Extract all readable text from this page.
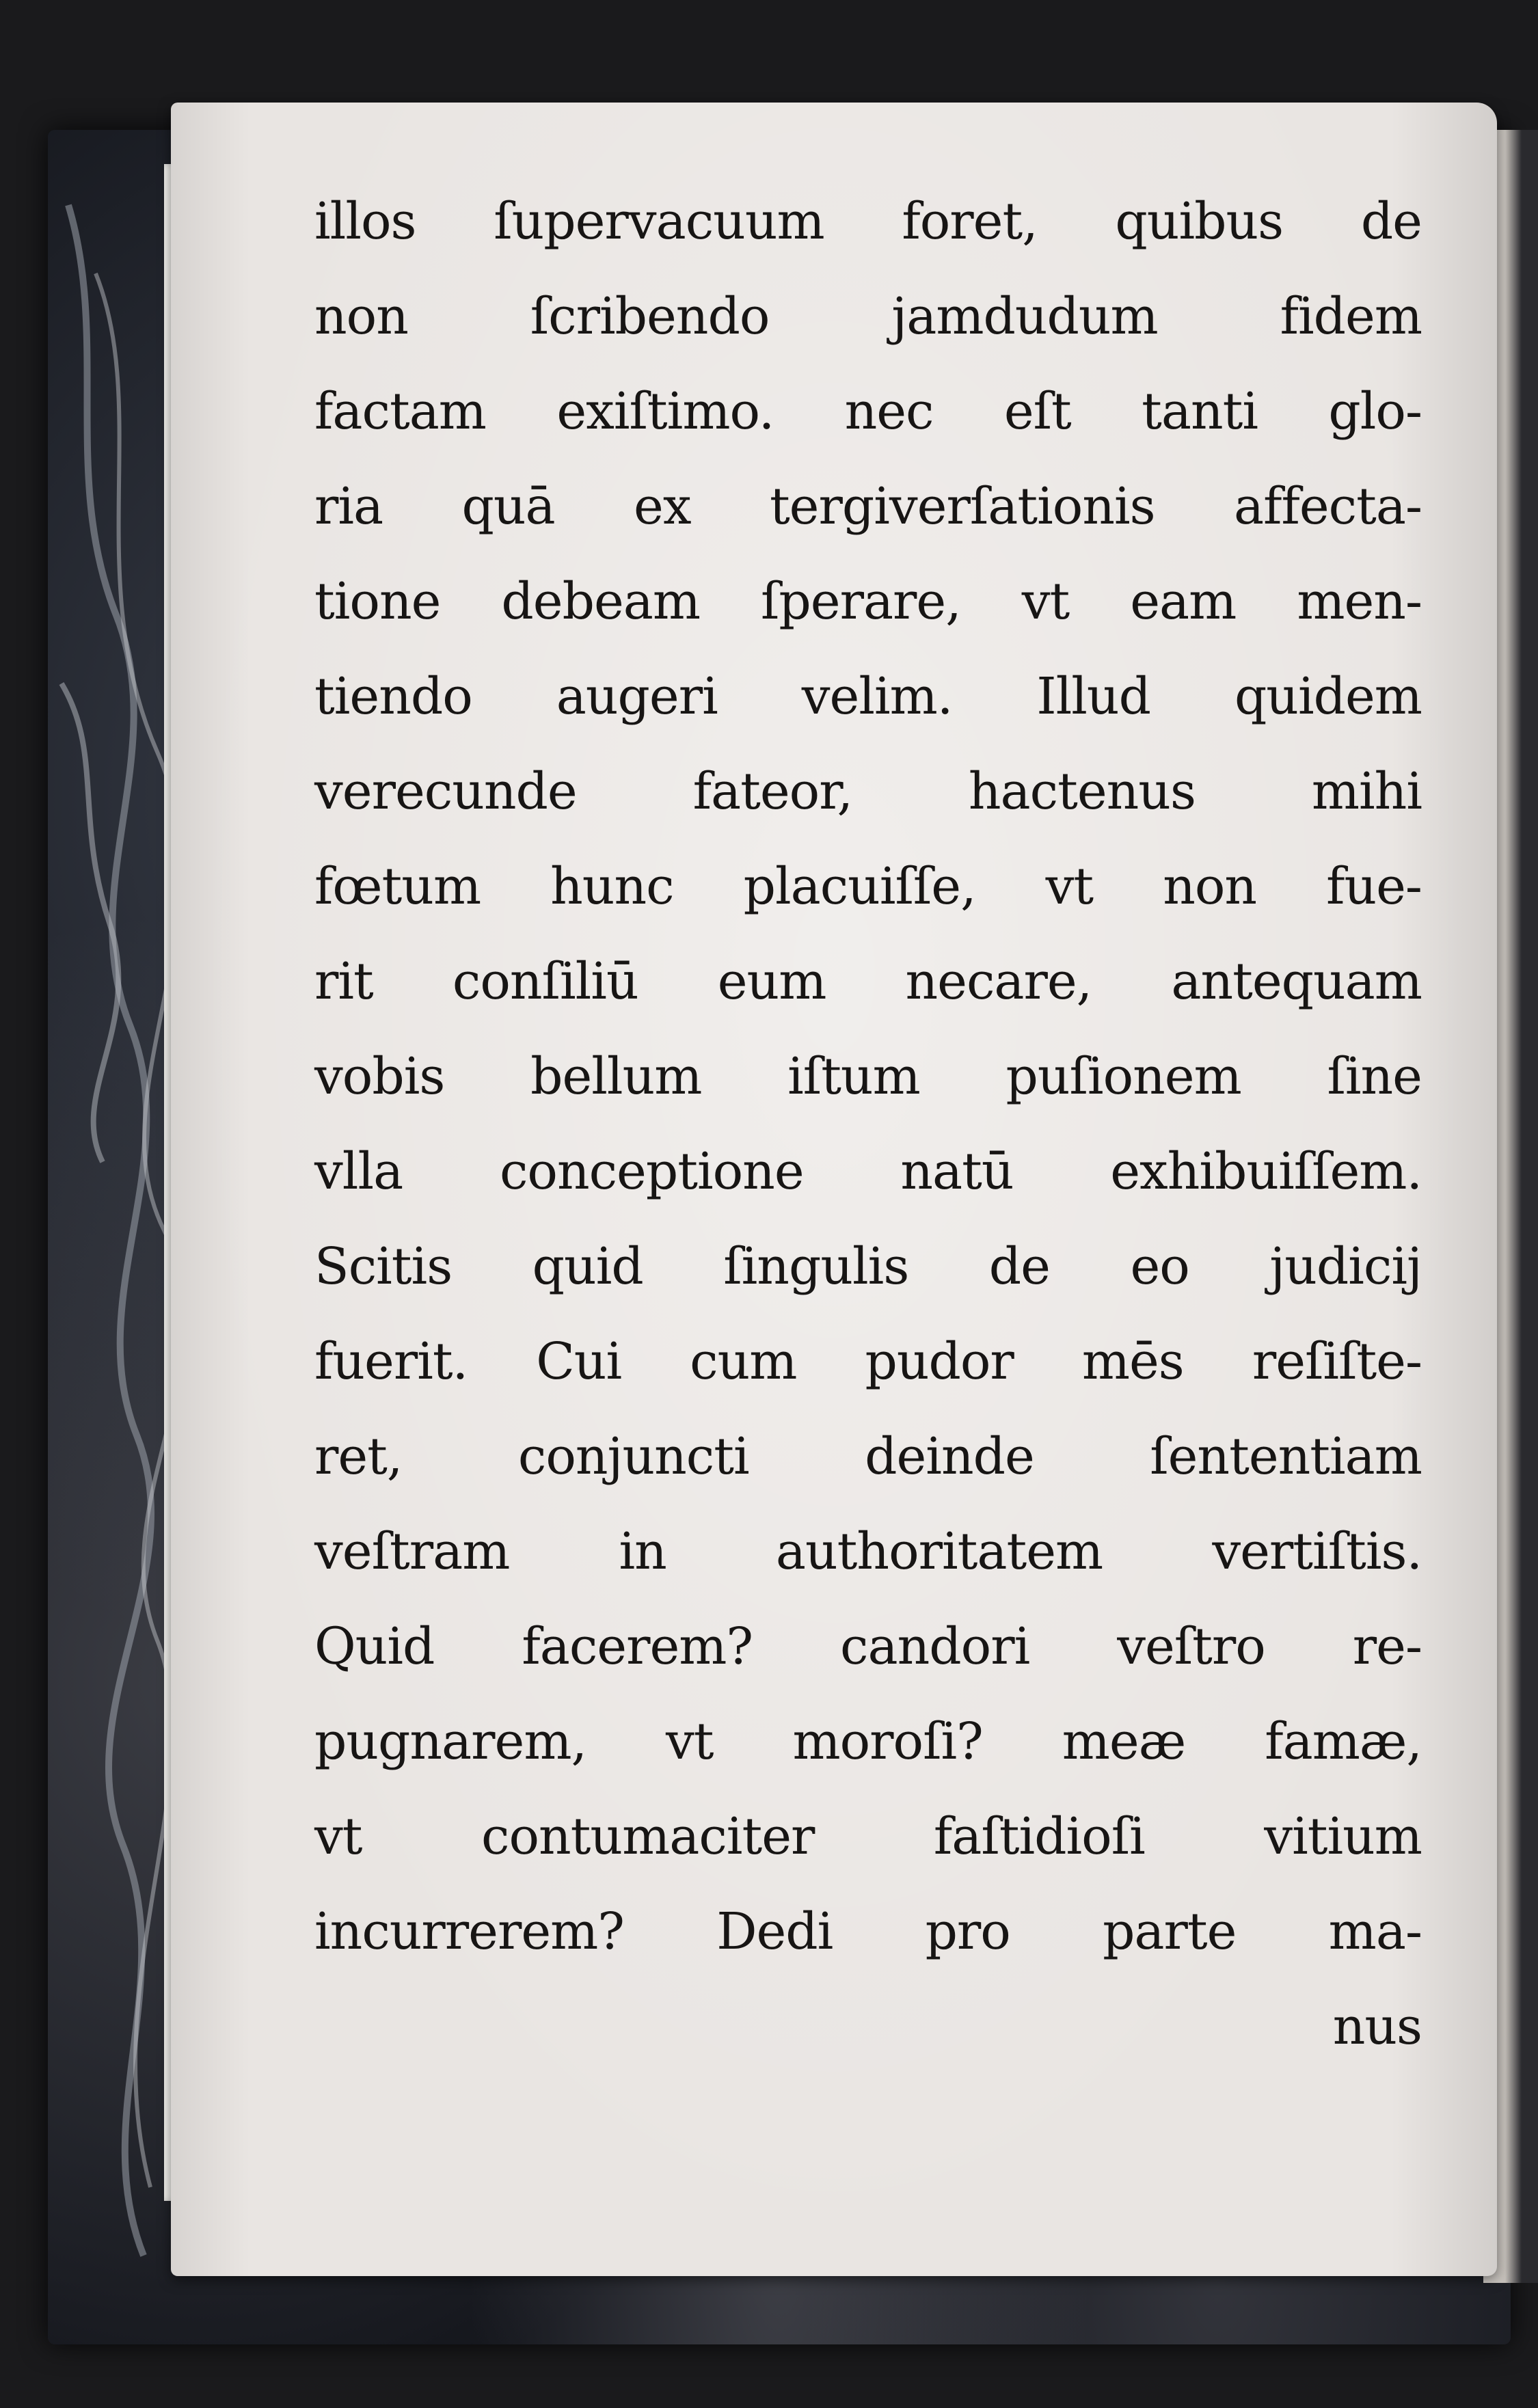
illos ſupervacuum foret, quibus de
non ſcribendo jamdudum fidem
factam exiſtimo. nec eſt tanti glo-
ria quā ex tergiverſationis affecta-
tione debeam ſperare, vt eam men-
tiendo augeri velim. Illud quidem
verecunde fateor, hactenus mihi
fœtum hunc placuiſſe, vt non fue-
rit conſiliū eum necare, antequam
vobis bellum iſtum puſionem ſine
vlla conceptione natū exhibuiſſem.
Scitis quid ſingulis de eo judicij
fuerit. Cui cum pudor mēs reſiſte-
ret, conjuncti deinde ſententiam
veſtram in authoritatem vertiſtis.
Quid facerem? candori veſtro re-
pugnarem, vt moroſi? meæ famæ,
vt contumaciter faſtidioſi vitium
incurrerem? Dedi pro parte ma-
nus
